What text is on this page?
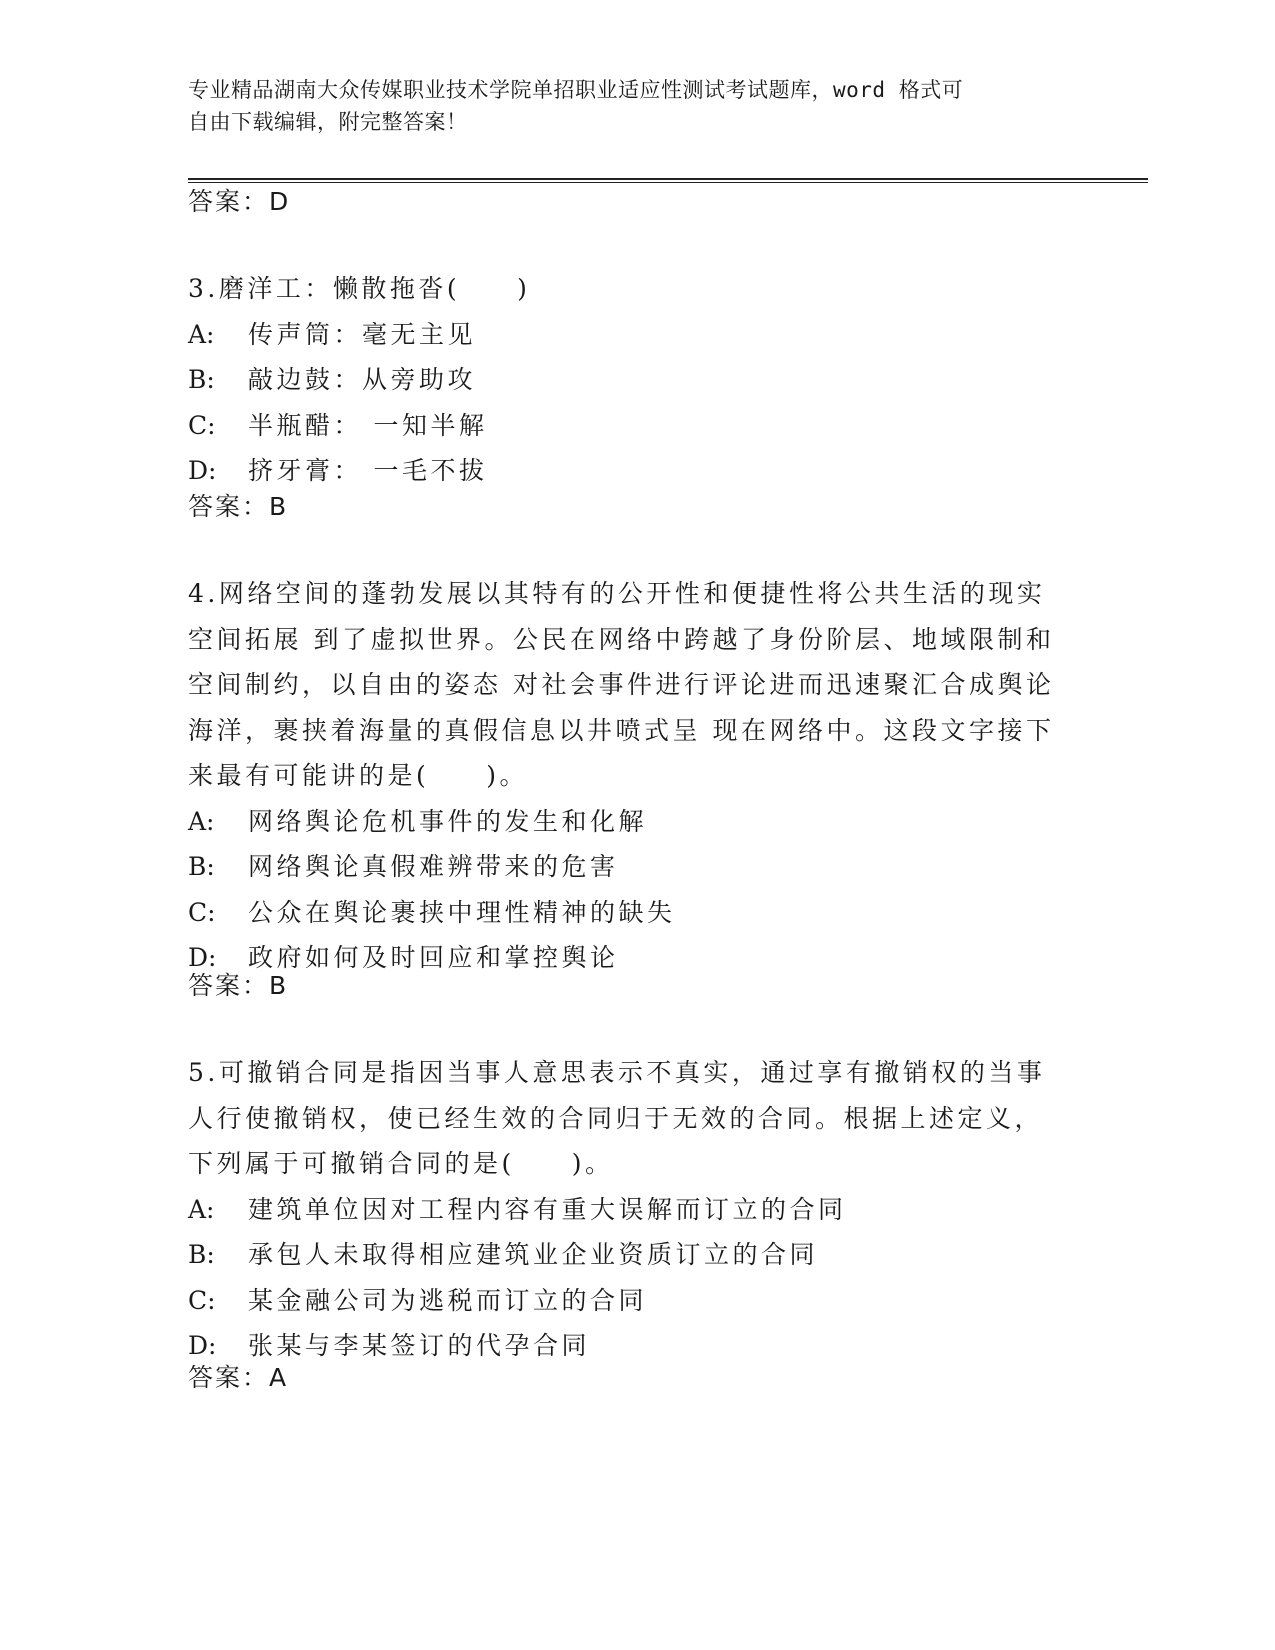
专业精品湖南大众传媒职业技术学院单招职业适应性测试考试题库，word 格式可
自由下载编辑，附完整答案！
答案：D

3.磨洋工：懒散拖沓(　　)

A: 传声筒：毫无主见
B: 敲边鼓：从旁助攻
C: 半瓶醋： 一知半解
D: 挤牙膏： 一毛不拔
答案：B

4.网络空间的蓬勃发展以其特有的公开性和便捷性将公共生活的现实空间拓展 到了虚拟世界。公民在网络中跨越了身份阶层、地域限制和空间制约，以自由的姿态 对社会事件进行评论进而迅速聚汇合成舆论海洋，裹挟着海量的真假信息以井喷式呈 现在网络中。这段文字接下来最有可能讲的是(　　)。

A: 网络舆论危机事件的发生和化解
B: 网络舆论真假难辨带来的危害
C: 公众在舆论裹挟中理性精神的缺失
D: 政府如何及时回应和掌控舆论
答案：B

5.可撤销合同是指因当事人意思表示不真实，通过享有撤销权的当事人行使撤销权，使已经生效的合同归于无效的合同。根据上述定义，下列属于可撤销合同的是(　　)。

A: 建筑单位因对工程内容有重大误解而订立的合同
B: 承包人未取得相应建筑业企业资质订立的合同
C: 某金融公司为逃税而订立的合同
D: 张某与李某签订的代孕合同
答案：A
